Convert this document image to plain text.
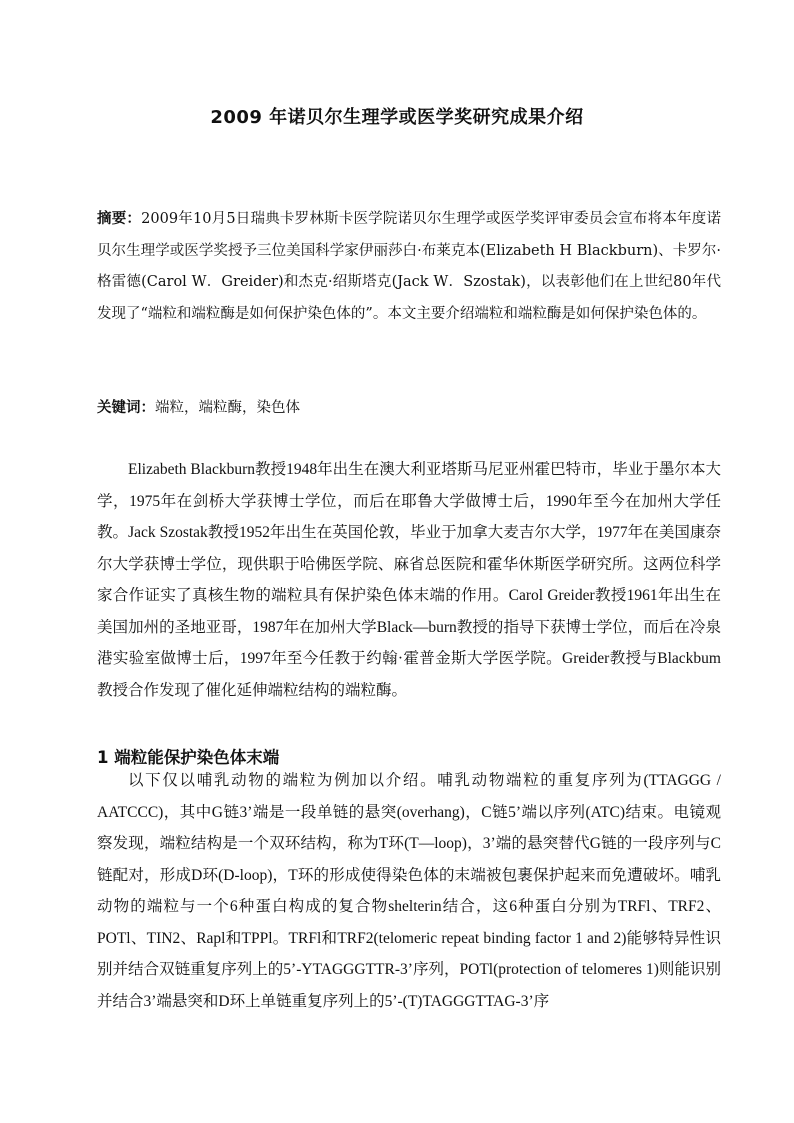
2009 年诺贝尔生理学或医学奖研究成果介绍
摘要：2009年10月5日瑞典卡罗林斯卡医学院诺贝尔生理学或医学奖评审委员会宣布将本年度诺贝尔生理学或医学奖授予三位美国科学家伊丽莎白·布莱克本(Elizabeth H Blackburn)、卡罗尔·格雷德(Carol W．Greider)和杰克·绍斯塔克(Jack W．Szostak)，以表彰他们在上世纪80年代发现了“端粒和端粒酶是如何保护染色体的”。本文主要介绍端粒和端粒酶是如何保护染色体的。
关键词：端粒，端粒酶，染色体
Elizabeth Blackburn教授1948年出生在澳大利亚塔斯马尼亚州霍巴特市，毕业于墨尔本大学，1975年在剑桥大学获博士学位，而后在耶鲁大学做博士后，1990年至今在加州大学任教。Jack Szostak教授1952年出生在英国伦敦，毕业于加拿大麦吉尔大学，1977年在美国康奈尔大学获博士学位，现供职于哈佛医学院、麻省总医院和霍华休斯医学研究所。这两位科学家合作证实了真核生物的端粒具有保护染色体末端的作用。Carol Greider教授1961年出生在美国加州的圣地亚哥，1987年在加州大学Black—burn教授的指导下获博士学位，而后在冷泉港实验室做博士后，1997年至今任教于约翰·霍普金斯大学医学院。Greider教授与Blackbum教授合作发现了催化延伸端粒结构的端粒酶。
1 端粒能保护染色体末端
以下仅以哺乳动物的端粒为例加以介绍。哺乳动物端粒的重复序列为(TTAGGG / AATCCC)，其中G链3’端是一段单链的悬突(overhang)，C链5’端以序列(ATC)结束。电镜观察发现，端粒结构是一个双环结构，称为T环(T—loop)，3’端的悬突替代G链的一段序列与C链配对，形成D环(D-loop)，T环的形成使得染色体的末端被包裹保护起来而免遭破坏。哺乳动物的端粒与一个6种蛋白构成的复合物shelterin结合，这6种蛋白分别为TRFl、TRF2、POTl、TIN2、Rapl和TPPl。TRFl和TRF2(telomeric repeat binding factor 1 and 2)能够特异性识别并结合双链重复序列上的5’-YTAGGGTTR-3’序列，POTl(protection of telomeres 1)则能识别并结合3’端悬突和D环上单链重复序列上的5’-(T)TAGGGTTAG-3’序
